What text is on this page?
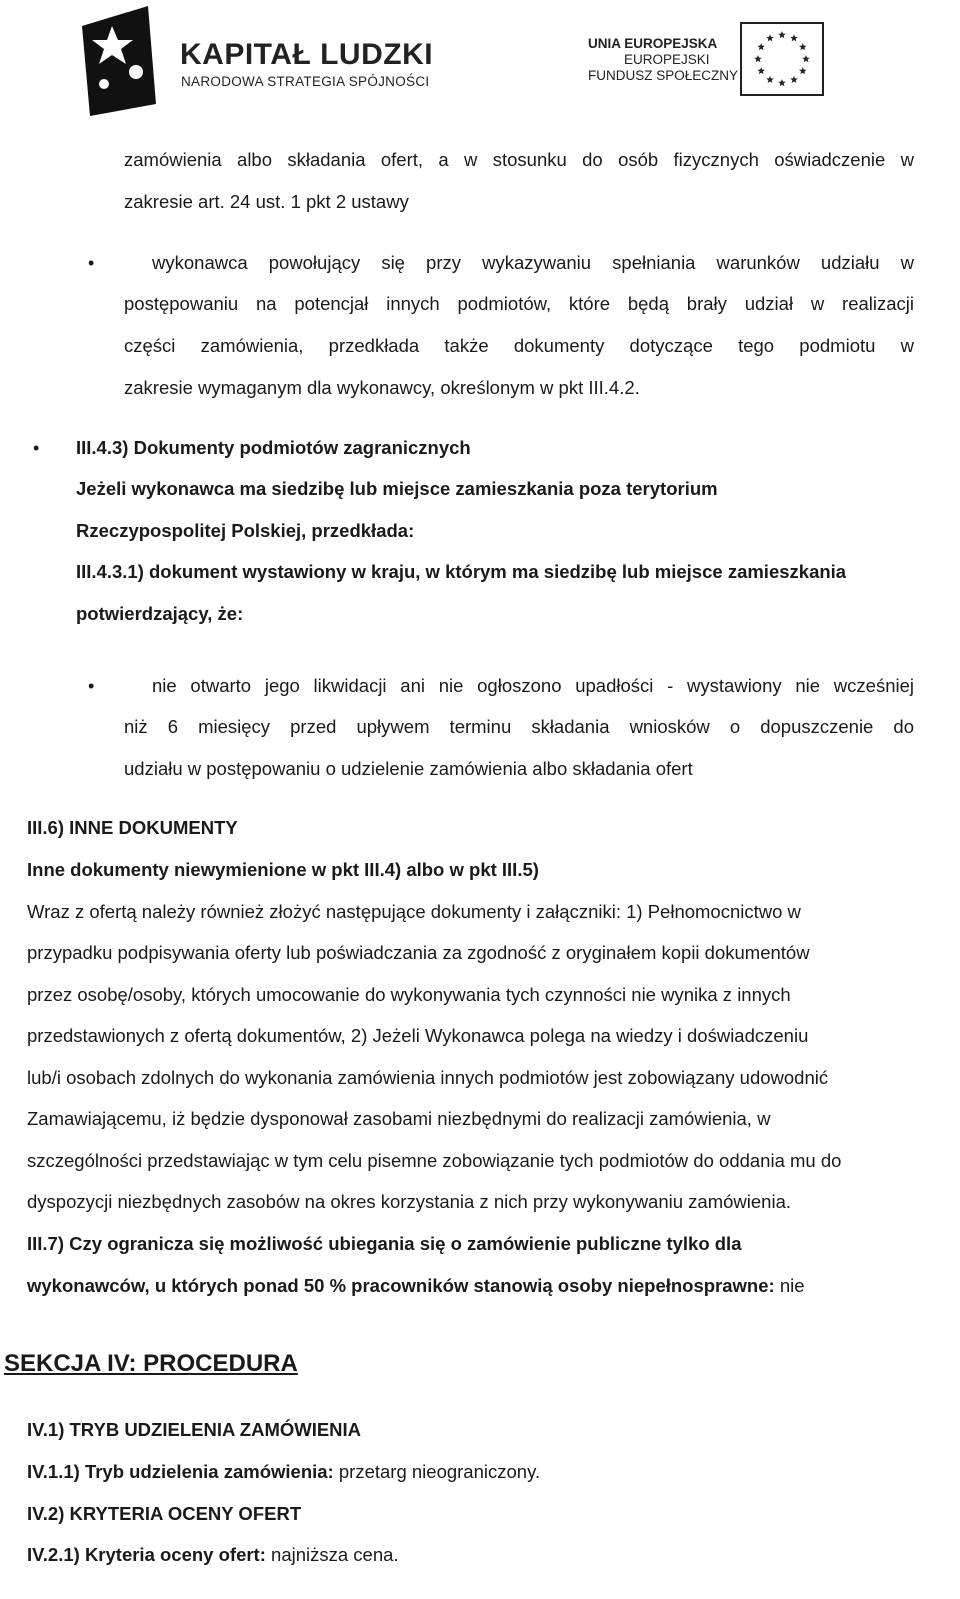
KAPITAŁ LUDZKI
NARODOWA STRATEGIA SPÓJNOŚCI
UNIA EUROPEJSKA
EUROPEJSKI
FUNDUSZ SPOŁECZNY
zamówienia albo składania ofert, a w stosunku do osób fizycznych oświadczenie w
zakresie art. 24 ust. 1 pkt 2 ustawy
•	wykonawca powołujący się przy wykazywaniu spełniania warunków udziału w
postępowaniu na potencjał innych podmiotów, które będą brały udział w realizacji
części zamówienia, przedkłada także dokumenty dotyczące tego podmiotu w
zakresie wymaganym dla wykonawcy, określonym w pkt III.4.2.
• III.4.3) Dokumenty podmiotów zagranicznych
Jeżeli wykonawca ma siedzibę lub miejsce zamieszkania poza terytorium
Rzeczypospolitej Polskiej, przedkłada:
III.4.3.1) dokument wystawiony w kraju, w którym ma siedzibę lub miejsce zamieszkania
potwierdzający, że:
•	nie otwarto jego likwidacji ani nie ogłoszono upadłości - wystawiony nie wcześniej
niż 6 miesięcy przed upływem terminu składania wniosków o dopuszczenie do
udziału w postępowaniu o udzielenie zamówienia albo składania ofert
III.6) INNE DOKUMENTY
Inne dokumenty niewymienione w pkt III.4) albo w pkt III.5)
Wraz z ofertą należy również złożyć następujące dokumenty i załączniki: 1) Pełnomocnictwo w
przypadku podpisywania oferty lub poświadczania za zgodność z oryginałem kopii dokumentów
przez osobę/osoby, których umocowanie do wykonywania tych czynności nie wynika z innych
przedstawionych z ofertą dokumentów, 2) Jeżeli Wykonawca polega na wiedzy i doświadczeniu
lub/i osobach zdolnych do wykonania zamówienia innych podmiotów jest zobowiązany udowodnić
Zamawiającemu, iż będzie dysponował zasobami niezbędnymi do realizacji zamówienia, w
szczególności przedstawiając w tym celu pisemne zobowiązanie tych podmiotów do oddania mu do
dyspozycji niezbędnych zasobów na okres korzystania z nich przy wykonywaniu zamówienia.
III.7) Czy ogranicza się możliwość ubiegania się o zamówienie publiczne tylko dla
wykonawców, u których ponad 50 % pracowników stanowią osoby niepełnosprawne: nie
SEKCJA IV: PROCEDURA
IV.1) TRYB UDZIELENIA ZAMÓWIENIA
IV.1.1) Tryb udzielenia zamówienia: przetarg nieograniczony.
IV.2) KRYTERIA OCENY OFERT
IV.2.1) Kryteria oceny ofert: najniższa cena.
